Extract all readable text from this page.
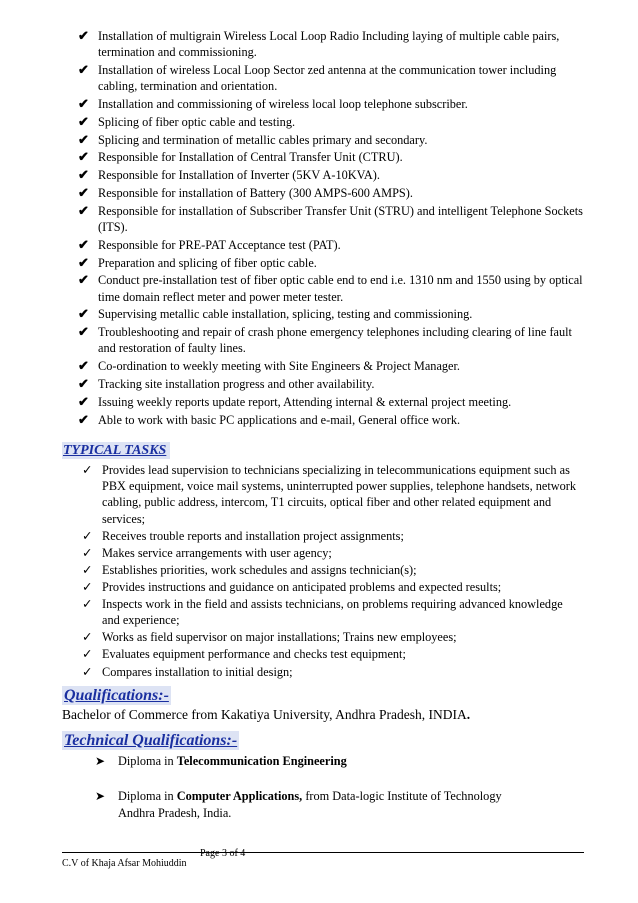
✔ Installation of multigrain Wireless Local Loop Radio Including laying of multiple cable pairs, termination and commissioning.
✔ Installation of wireless Local Loop Sector zed antenna at the communication tower including cabling, termination and orientation.
✔ Installation and commissioning of wireless local loop telephone subscriber.
✔ Splicing of fiber optic cable and testing.
✔ Splicing and termination of metallic cables primary and secondary.
✔ Responsible for Installation of Central Transfer Unit (CTRU).
✔ Responsible for Installation of Inverter (5KV A-10KVA).
✔ Responsible for installation of Battery (300 AMPS-600 AMPS).
✔ Responsible for installation of Subscriber Transfer Unit (STRU) and intelligent Telephone Sockets (ITS).
✔ Responsible for PRE-PAT Acceptance test (PAT).
✔ Preparation and splicing of fiber optic cable.
✔ Conduct pre-installation test of fiber optic cable end to end i.e. 1310 nm and 1550 using by optical time domain reflect meter and power meter tester.
✔ Supervising metallic cable installation, splicing, testing and commissioning.
✔ Troubleshooting and repair of crash phone emergency telephones including clearing of line fault and restoration of faulty lines.
✔ Co-ordination to weekly meeting with Site Engineers & Project Manager.
✔ Tracking site installation progress and other availability.
✔ Issuing weekly reports update report, Attending internal & external project meeting.
✔ Able to work with basic PC applications and e-mail, General office work.
TYPICAL TASKS
✓ Provides lead supervision to technicians specializing in telecommunications equipment such as PBX equipment, voice mail systems, uninterrupted power supplies, telephone handsets, network cabling, public address, intercom, T1 circuits, optical fiber and other related equipment and services;
✓ Receives trouble reports and installation project assignments;
✓ Makes service arrangements with user agency;
✓ Establishes priorities, work schedules and assigns technician(s);
✓ Provides instructions and guidance on anticipated problems and expected results;
✓ Inspects work in the field and assists technicians, on problems requiring advanced knowledge and experience;
✓ Works as field supervisor on major installations; Trains new employees;
✓ Evaluates equipment performance and checks test equipment;
✓ Compares installation to initial design;
Qualifications:-

Bachelor of Commerce from Kakatiya University, Andhra Pradesh, INDIA.

Technical Qualifications:-
➤	Diploma in Telecommunication Engineering
➤	Diploma in Computer Applications, from Data-logic Institute of Technology
Andhra Pradesh, India.
Page 3 of 4
C.V of Khaja Afsar Mohiuddin
